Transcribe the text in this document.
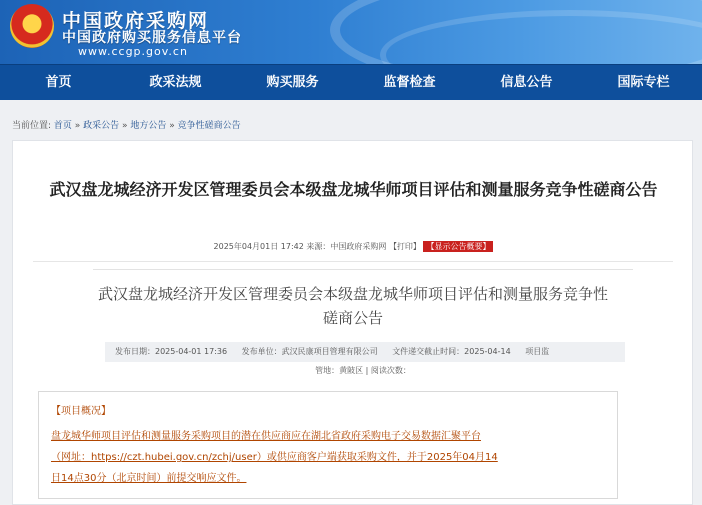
★
中国政府采购网
中国政府购买服务信息平台
www.ccgp.gov.cn
首页	政采法规	购买服务	监督检查	信息公告	国际专栏
当前位置: 首页 » 政采公告 » 地方公告 » 竞争性磋商公告
武汉盘龙城经济开发区管理委员会本级盘龙城华师项目评估和测量服务竞争性磋商公告
2025年04月01日 17:42 来源：中国政府采购网 【打印】 【显示公告概要】
武汉盘龙城经济开发区管理委员会本级盘龙城华师项目评估和测量服务竞争性磋商公告
发布日期：2025-04-01 17:36 发布单位：武汉民康项目管理有限公司 文件递交截止时间：2025-04-14 项目监
管地：黄陂区 | 阅读次数：
【项目概况】
盘龙城华师项目评估和测量服务采购项目的潜在供应商应在湖北省政府采购电子交易数据汇聚平台
（网址：https://czt.hubei.gov.cn/zchj/user）或供应商客户端获取采购文件，并于2025年04月14
日14点30分（北京时间）前提交响应文件。
